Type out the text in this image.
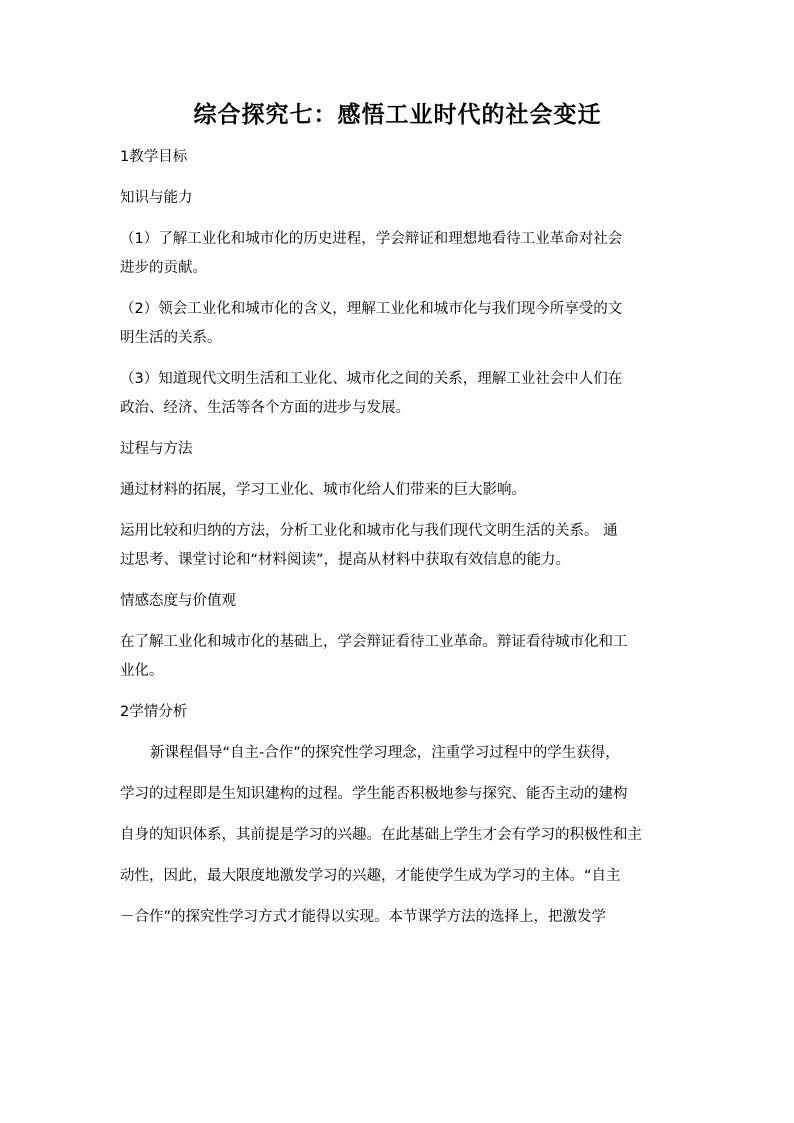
综合探究七：感悟工业时代的社会变迁
1教学目标
知识与能力
（1）了解工业化和城市化的历史进程，学会辩证和理想地看待工业革命对社会
进步的贡献。
（2）领会工业化和城市化的含义，理解工业化和城市化与我们现今所享受的文
明生活的关系。
（3）知道现代文明生活和工业化、城市化之间的关系，理解工业社会中人们在
政治、经济、生活等各个方面的进步与发展。
过程与方法
通过材料的拓展，学习工业化、城市化给人们带来的巨大影响。
运用比较和归纳的方法，分析工业化和城市化与我们现代文明生活的关系。 通
过思考、课堂讨论和“材料阅读”，提高从材料中获取有效信息的能力。
情感态度与价值观
在了解工业化和城市化的基础上，学会辩证看待工业革命。辩证看待城市化和工
业化。
2学情分析
新课程倡导“自主-合作”的探究性学习理念，注重学习过程中的学生获得，
学习的过程即是生知识建构的过程。学生能否积极地参与探究、能否主动的建构
自身的知识体系，其前提是学习的兴趣。在此基础上学生才会有学习的积极性和主
动性，因此，最大限度地激发学习的兴趣，才能使学生成为学习的主体。“自主
－合作”的探究性学习方式才能得以实现。本节课学方法的选择上，把激发学
